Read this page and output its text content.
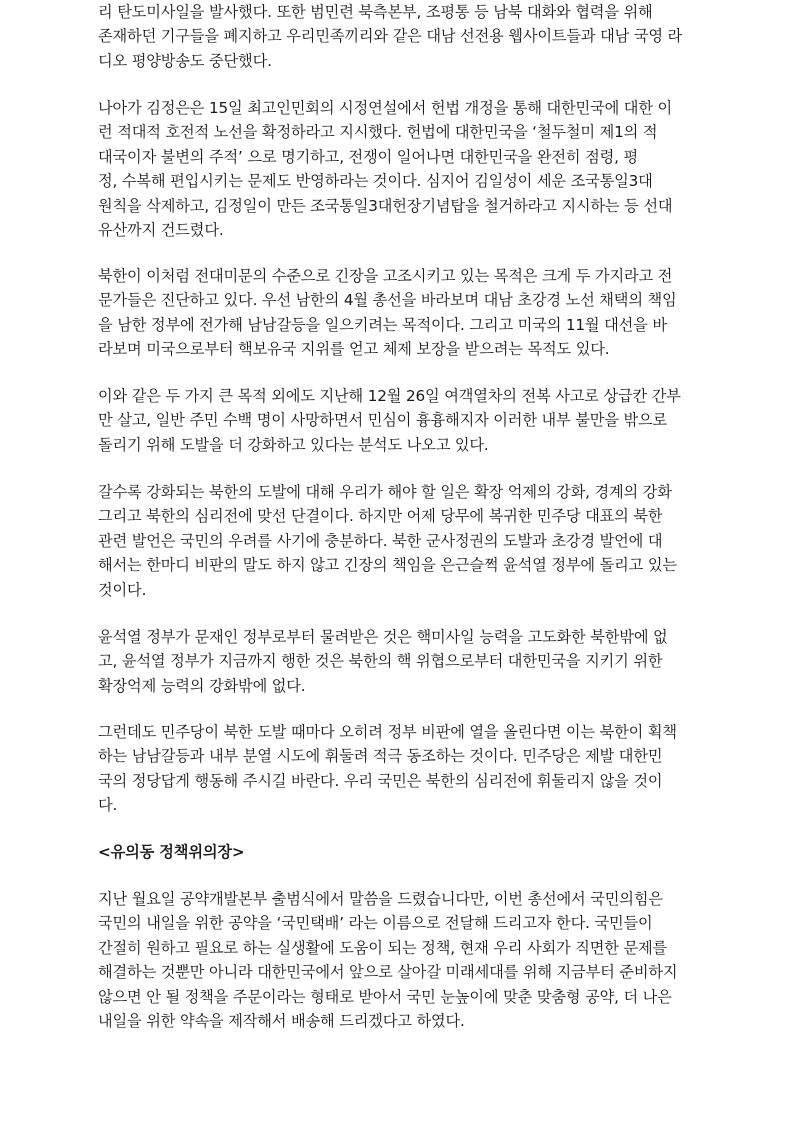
리 탄도미사일을 발사했다. 또한 범민련 북측본부, 조평통 등 남북 대화와 협력을 위해
존재하던 기구들을 폐지하고 우리민족끼리와 같은 대남 선전용 웹사이트들과 대남 국영 라
디오 평양방송도 중단했다.
나아가 김정은은 15일 최고인민회의 시정연설에서 헌법 개정을 통해 대한민국에 대한 이
런 적대적 호전적 노선을 확정하라고 지시했다. 헌법에 대한민국을 ‘철두철미 제1의 적
대국이자 불변의 주적’ 으로 명기하고, 전쟁이 일어나면 대한민국을 완전히 점령, 평
정, 수복해 편입시키는 문제도 반영하라는 것이다. 심지어 김일성이 세운 조국통일3대
원칙을 삭제하고, 김정일이 만든 조국통일3대헌장기념탑을 철거하라고 지시하는 등 선대
유산까지 건드렸다.
북한이 이처럼 전대미문의 수준으로 긴장을 고조시키고 있는 목적은 크게 두 가지라고 전
문가들은 진단하고 있다. 우선 남한의 4월 총선을 바라보며 대남 초강경 노선 채택의 책임
을 남한 정부에 전가해 남남갈등을 일으키려는 목적이다. 그리고 미국의 11월 대선을 바
라보며 미국으로부터 핵보유국 지위를 얻고 체제 보장을 받으려는 목적도 있다.
이와 같은 두 가지 큰 목적 외에도 지난해 12월 26일 여객열차의 전복 사고로 상급칸 간부
만 살고, 일반 주민 수백 명이 사망하면서 민심이 흉흉해지자 이러한 내부 불만을 밖으로
돌리기 위해 도발을 더 강화하고 있다는 분석도 나오고 있다.
갈수록 강화되는 북한의 도발에 대해 우리가 해야 할 일은 확장 억제의 강화, 경계의 강화
그리고 북한의 심리전에 맞선 단결이다. 하지만 어제 당무에 복귀한 민주당 대표의 북한
관련 발언은 국민의 우려를 사기에 충분하다. 북한 군사정권의 도발과 초강경 발언에 대
해서는 한마디 비판의 말도 하지 않고 긴장의 책임을 은근슬쩍 윤석열 정부에 돌리고 있는
것이다.
윤석열 정부가 문재인 정부로부터 물려받은 것은 핵미사일 능력을 고도화한 북한밖에 없
고, 윤석열 정부가 지금까지 행한 것은 북한의 핵 위협으로부터 대한민국을 지키기 위한
확장억제 능력의 강화밖에 없다.
그런데도 민주당이 북한 도발 때마다 오히려 정부 비판에 열을 올린다면 이는 북한이 획책
하는 남남갈등과 내부 분열 시도에 휘둘려 적극 동조하는 것이다. 민주당은 제발 대한민
국의 정당답게 행동해 주시길 바란다. 우리 국민은 북한의 심리전에 휘둘리지 않을 것이
다.
<유의동 정책위의장>
지난 월요일 공약개발본부 출범식에서 말씀을 드렸습니다만, 이번 총선에서 국민의힘은
국민의 내일을 위한 공약을 ‘국민택배’ 라는 이름으로 전달해 드리고자 한다. 국민들이
간절히 원하고 필요로 하는 실생활에 도움이 되는 정책, 현재 우리 사회가 직면한 문제를
해결하는 것뿐만 아니라 대한민국에서 앞으로 살아갈 미래세대를 위해 지금부터 준비하지
않으면 안 될 정책을 주문이라는 형태로 받아서 국민 눈높이에 맞춘 맞춤형 공약, 더 나은
내일을 위한 약속을 제작해서 배송해 드리겠다고 하였다.
